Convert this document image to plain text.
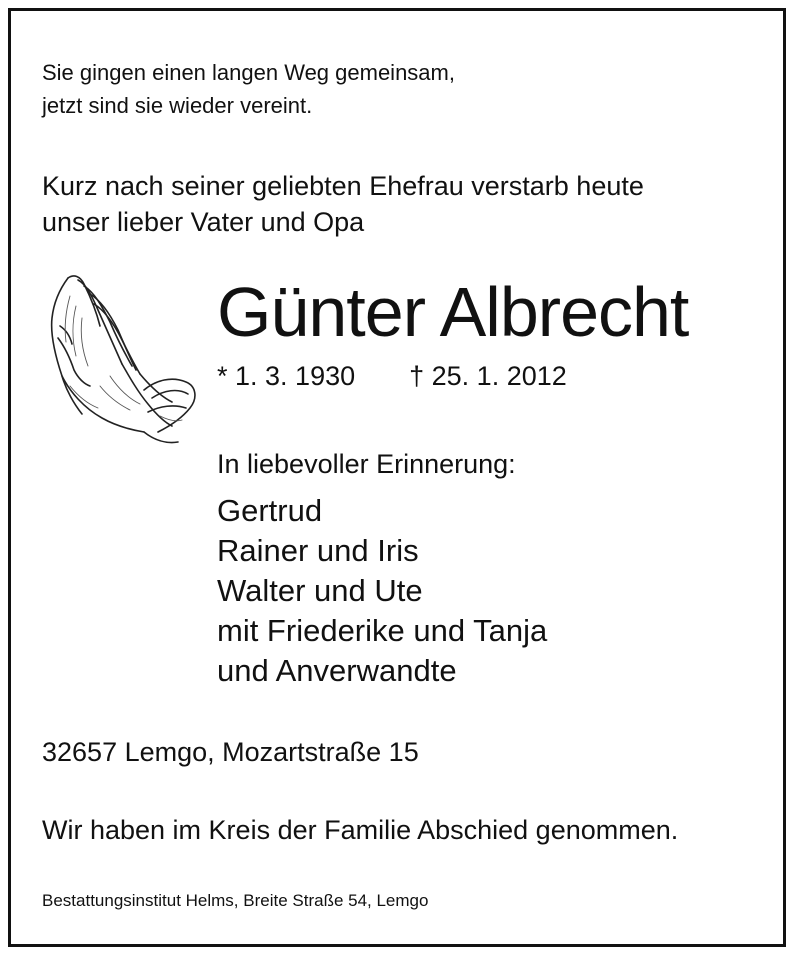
Sie gingen einen langen Weg gemeinsam,
jetzt sind sie wieder vereint.
Kurz nach seiner geliebten Ehefrau verstarb heute
unser lieber Vater und Opa
Günter Albrecht
* 1. 3. 1930 † 25. 1. 2012
In liebevoller Erinnerung:
Gertrud
Rainer und Iris
Walter und Ute
mit Friederike und Tanja
und Anverwandte
32657 Lemgo, Mozartstraße 15
Wir haben im Kreis der Familie Abschied genommen.
Bestattungsinstitut Helms, Breite Straße 54, Lemgo
